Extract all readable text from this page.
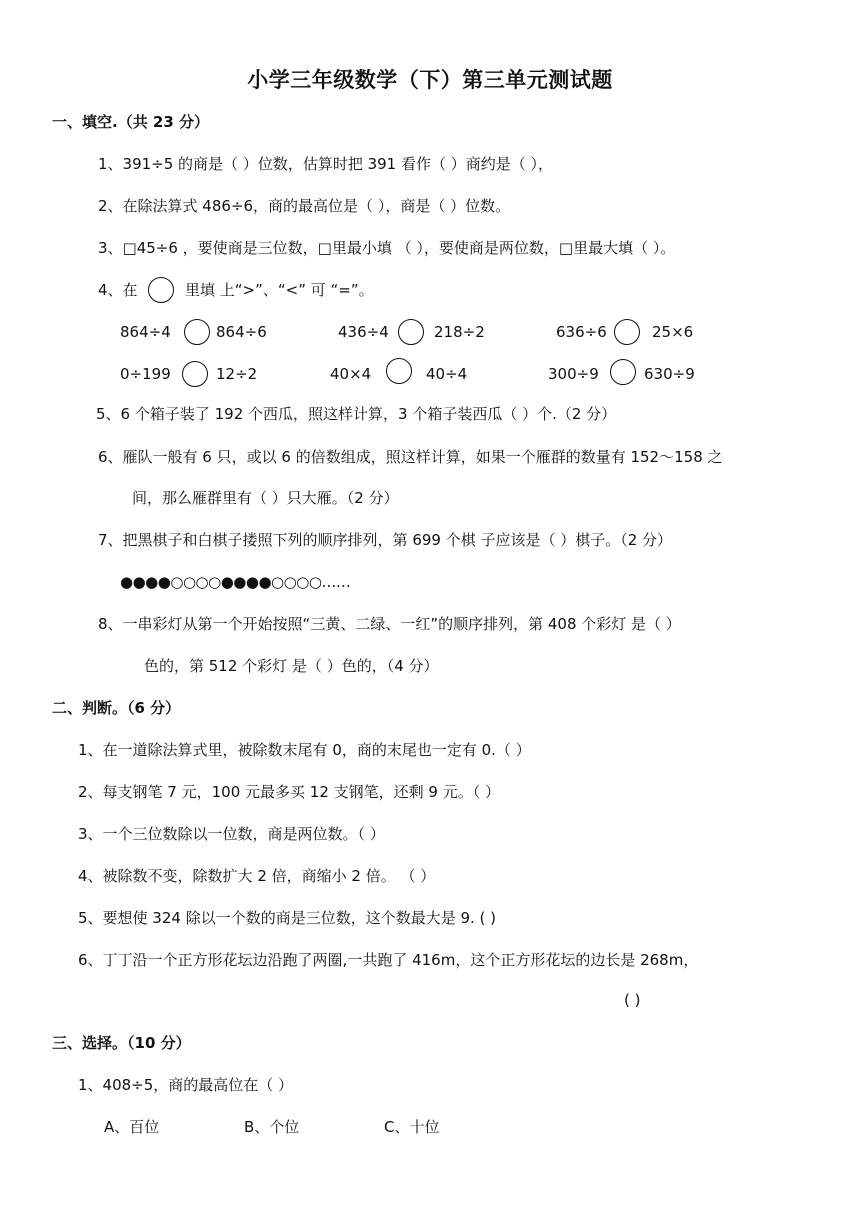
小学三年级数学（下）第三单元测试题
一、填空.（共 23 分）
1、391÷5 的商是（ ）位数，估算时把 391 看作（ ）商约是（ ），
2、在除法算式 486÷6，商的最高位是（ ），商是（ ）位数。
3、□45÷6 ，要使商是三位数，□里最小填 （ ），要使商是两位数，□里最大填（ ）。
4、在	里填 上“>”、“<” 可 “=”。
864÷4	864÷6	436÷4	218÷2	636÷6	25×6
0÷199	12÷2	40×4	40÷4	300÷9	630÷9
5、6 个箱子装了 192 个西瓜，照这样计算，3 个箱子装西瓜（ ）个.（2 分）
6、雁队一般有 6 只，或以 6 的倍数组成，照这样计算，如果一个雁群的数量有 152～158 之
间，那么雁群里有（ ）只大雁。（2 分）
7、把黑棋子和白棋子搂照下列的顺序排列，第 699 个棋 子应该是（ ）棋子。（2 分）
●●●●○○○○●●●●○○○○……
8、一串彩灯从第一个开始按照“三黄、二绿、一红”的顺序排列，第 408 个彩灯 是（ ）
色的，第 512 个彩灯 是（ ）色的，（4 分）
二、判断。（6 分）
1、在一道除法算式里，被除数末尾有 0，商的末尾也一定有 0.（ ）
2、每支钢笔 7 元，100 元最多买 12 支钢笔，还剩 9 元。（ ）
3、一个三位数除以一位数，商是两位数。（ ）
4、被除数不变，除数扩大 2 倍，商缩小 2 倍。 （ ）
5、要想使 324 除以一个数的商是三位数，这个数最大是 9. ( )
6、丁丁沿一个正方形花坛边沿跑了两圈,一共跑了 416m，这个正方形花坛的边长是 268m，
( )
三、选择。（10 分）
1、408÷5，商的最高位在（ ）
A、百位	B、个位	C、十位
